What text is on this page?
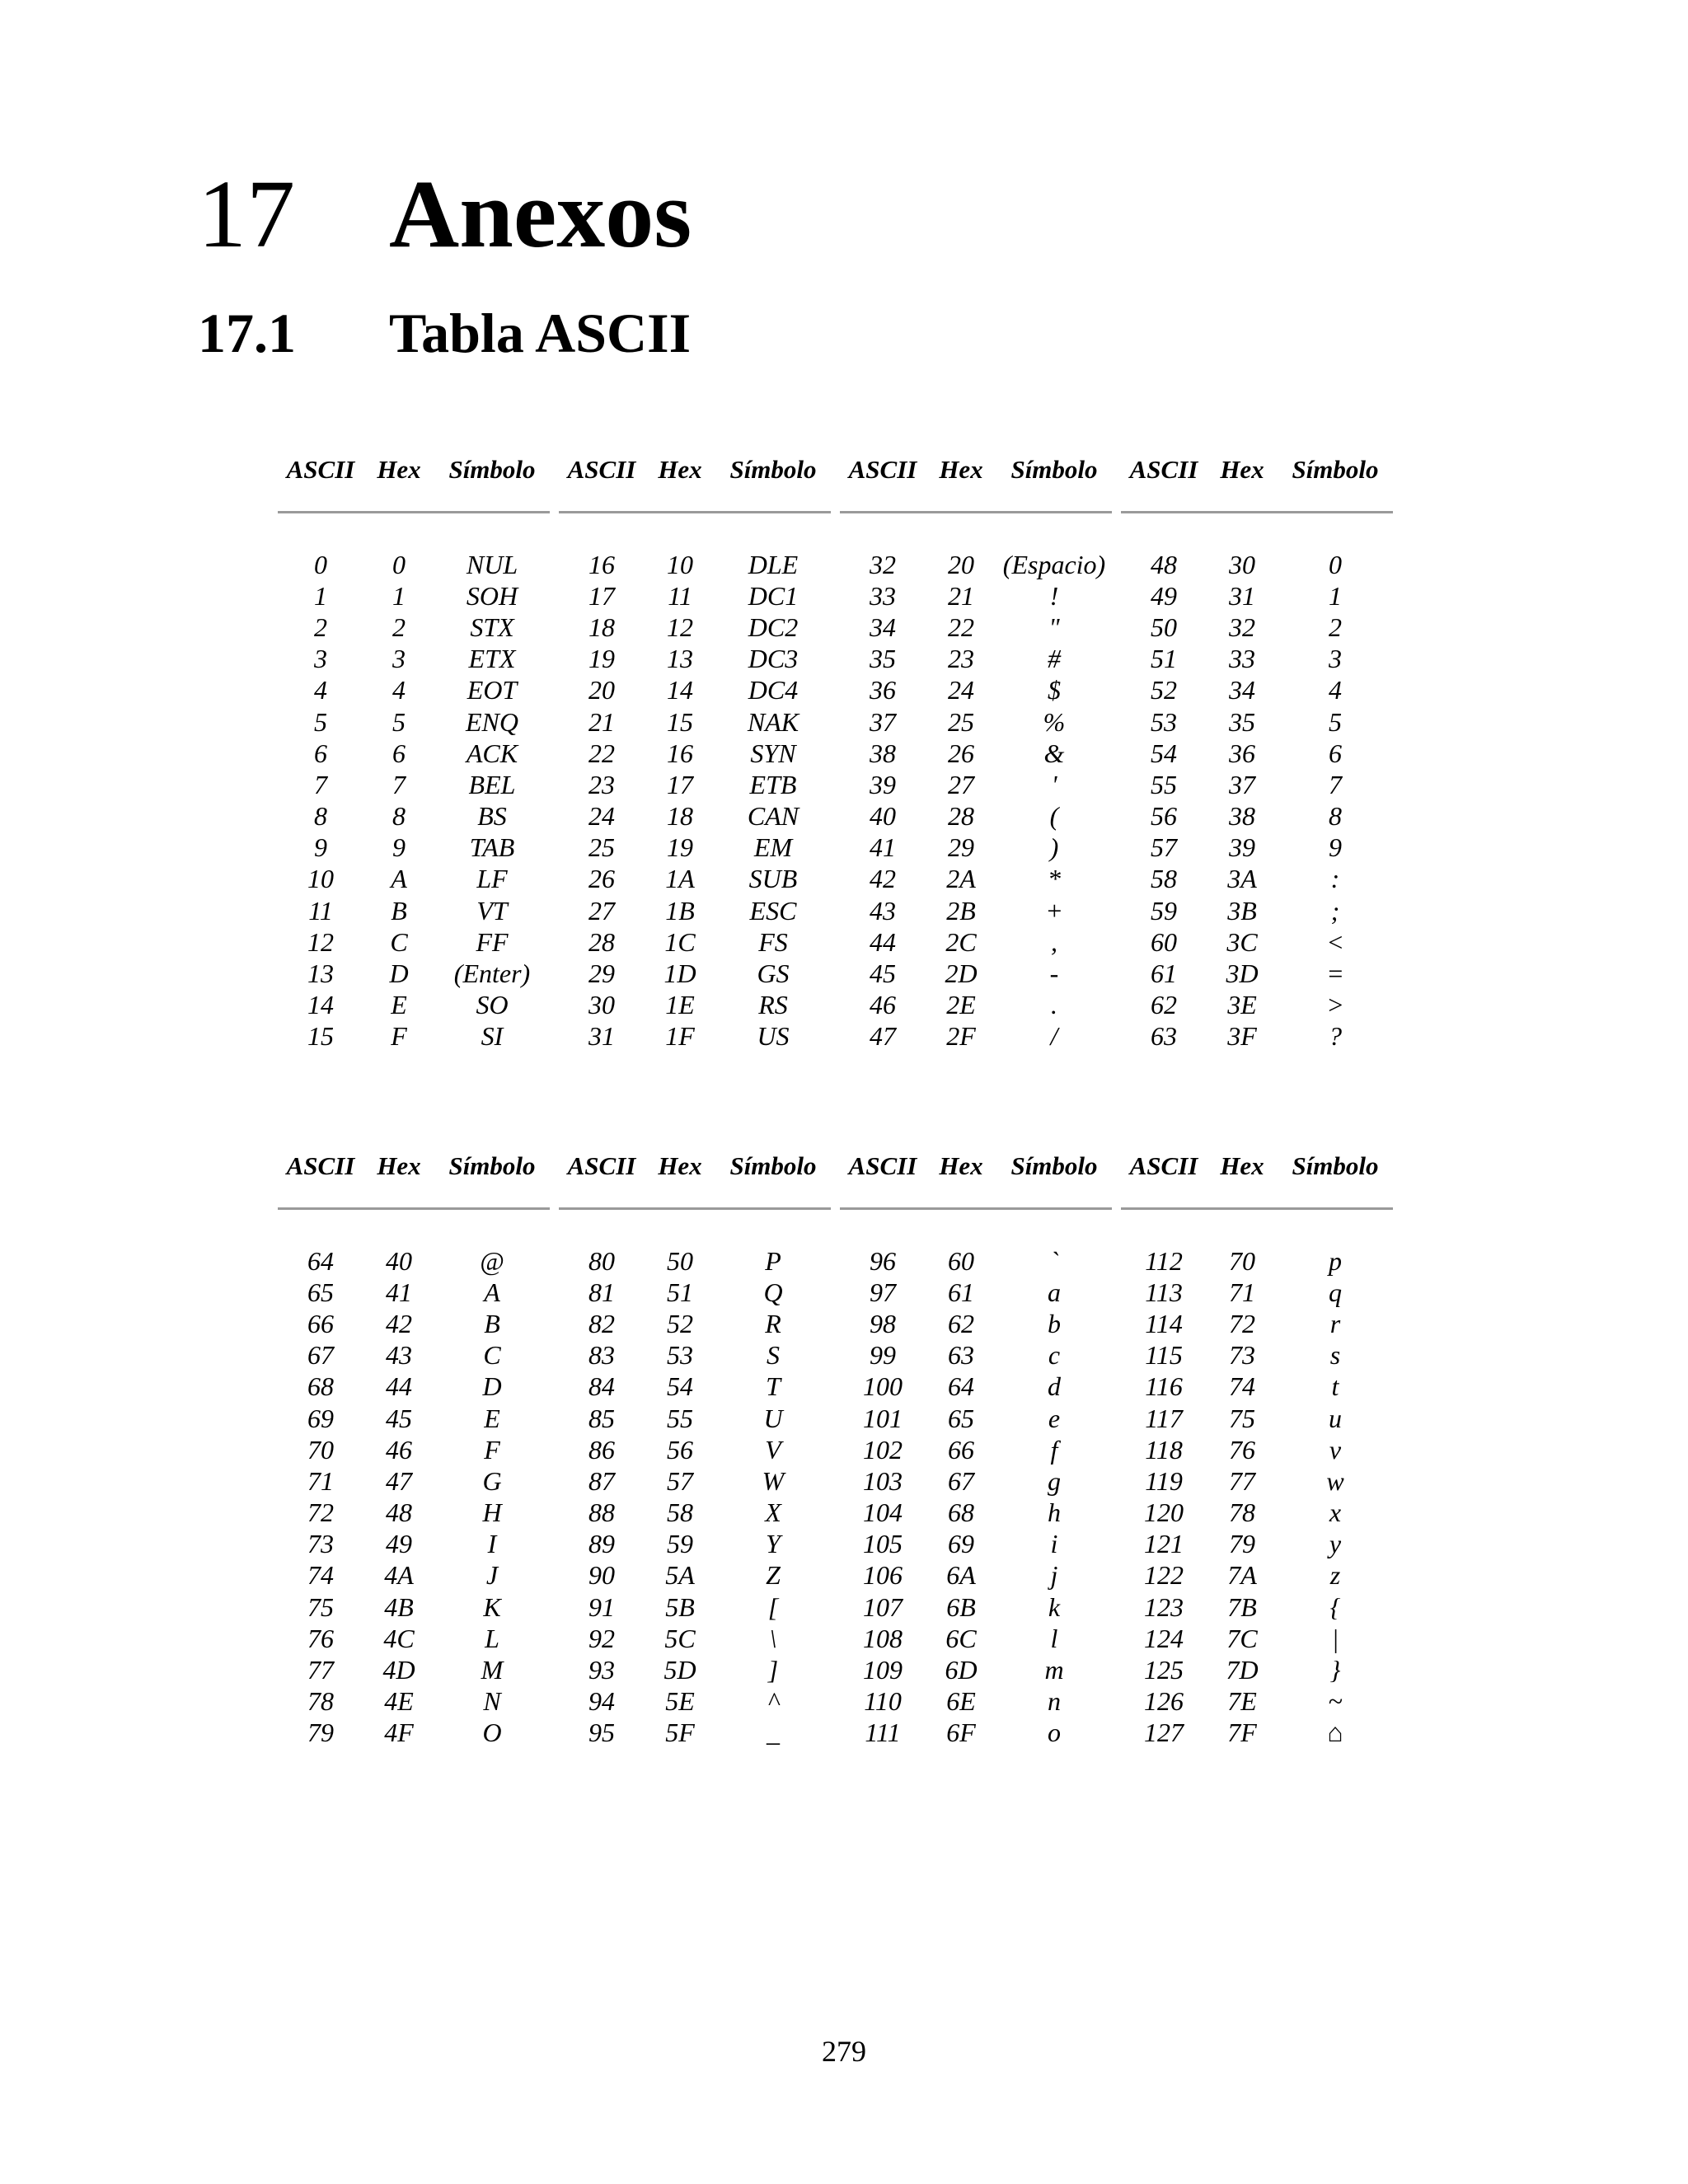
17 Anexos
17.1	Tabla ASCII
ASCII Hex	Símbolo	ASCII Hex	Símbolo	ASCII Hex	Símbolo	ASCII Hex	Símbolo
0	0	NUL	16	10	DLE	32	20	(Espacio)	48	30	0
1	1	SOH	17	11	DC1	33	21	!	49	31	1
2	2	STX	18	12	DC2	34	22	"	50	32	2
3	3	ETX	19	13	DC3	35	23	#	51	33	3
4	4	EOT	20	14	DC4	36	24	$	52	34	4
5	5	ENQ	21	15	NAK	37	25	%	53	35	5
6	6	ACK	22	16	SYN	38	26	&	54	36	6
7	7	BEL	23	17	ETB	39	27	'	55	37	7
8	8	BS	24	18	CAN	40	28	(	56	38	8
9	9	TAB	25	19	EM	41	29	)	57	39	9
10	A	LF	26	1A	SUB	42	2A	*	58	3A	:
11	B	VT	27	1B	ESC	43	2B	+	59	3B	;
12	C	FF	28	1C	FS	44	2C	,	60	3C	<
13	D	(Enter)	29	1D	GS	45	2D	-	61	3D	=
14	E	SO	30	1E	RS	46	2E	.	62	3E	>
15	F	SI	31	1F	US	47	2F	/	63	3F	?
ASCII Hex	Símbolo	ASCII Hex	Símbolo	ASCII Hex	Símbolo	ASCII Hex	Símbolo
64	40	@	80	50	P	96	60	`	112	70	p
65	41	A	81	51	Q	97	61	a	113	71	q
66	42	B	82	52	R	98	62	b	114	72	r
67	43	C	83	53	S	99	63	c	115	73	s
68	44	D	84	54	T	100	64	d	116	74	t
69	45	E	85	55	U	101	65	e	117	75	u
70	46	F	86	56	V	102	66	f	118	76	v
71	47	G	87	57	W	103	67	g	119	77	w
72	48	H	88	58	X	104	68	h	120	78	x
73	49	I	89	59	Y	105	69	i	121	79	y
74	4A	J	90	5A	Z	106	6A	j	122	7A	z
75	4B	K	91	5B	[	107	6B	k	123	7B	{
76	4C	L	92	5C	\	108	6C	l	124	7C	|
77	4D	M	93	5D	]	109	6D	m	125	7D	}
78	4E	N	94	5E	^	110	6E	n	126	7E	~
79	4F	O	95	5F	_	111	6F	o	127	7F	⌂
279
